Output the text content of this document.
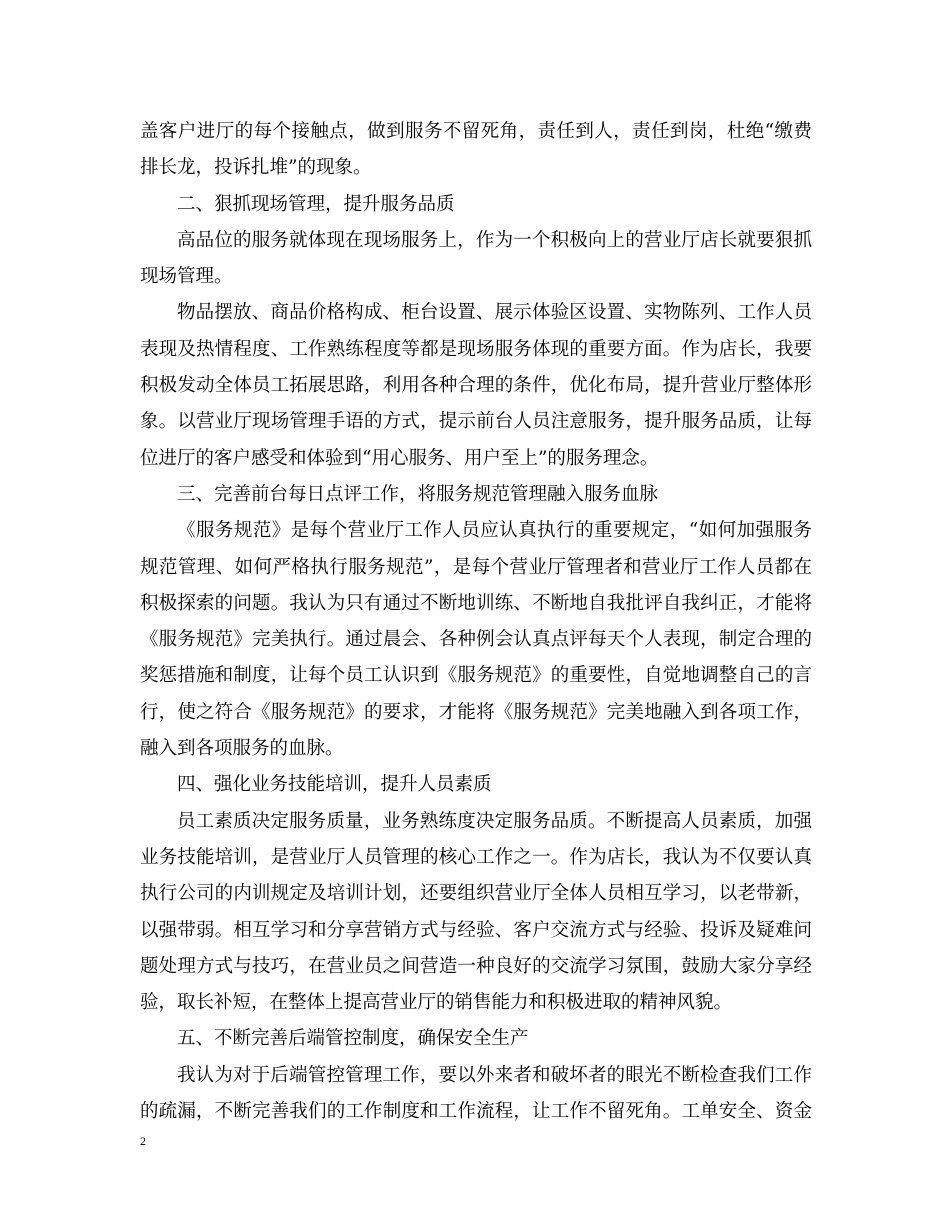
盖客户进厅的每个接触点，做到服务不留死角，责任到人，责任到岗，杜绝“缴费
排长龙，投诉扎堆”的现象。
二、狠抓现场管理，提升服务品质
高品位的服务就体现在现场服务上，作为一个积极向上的营业厅店长就要狠抓
现场管理。
物品摆放、商品价格构成、柜台设置、展示体验区设置、实物陈列、工作人员
表现及热情程度、工作熟练程度等都是现场服务体现的重要方面。作为店长，我要
积极发动全体员工拓展思路，利用各种合理的条件，优化布局，提升营业厅整体形
象。以营业厅现场管理手语的方式，提示前台人员注意服务，提升服务品质，让每
位进厅的客户感受和体验到“用心服务、用户至上”的服务理念。
三、完善前台每日点评工作，将服务规范管理融入服务血脉
《服务规范》是每个营业厅工作人员应认真执行的重要规定，“如何加强服务
规范管理、如何严格执行服务规范”，是每个营业厅管理者和营业厅工作人员都在
积极探索的问题。我认为只有通过不断地训练、不断地自我批评自我纠正，才能将
《服务规范》完美执行。通过晨会、各种例会认真点评每天个人表现，制定合理的
奖惩措施和制度，让每个员工认识到《服务规范》的重要性，自觉地调整自己的言
行，使之符合《服务规范》的要求，才能将《服务规范》完美地融入到各项工作，
融入到各项服务的血脉。
四、强化业务技能培训，提升人员素质
员工素质决定服务质量，业务熟练度决定服务品质。不断提高人员素质，加强
业务技能培训，是营业厅人员管理的核心工作之一。作为店长，我认为不仅要认真
执行公司的内训规定及培训计划，还要组织营业厅全体人员相互学习，以老带新，
以强带弱。相互学习和分享营销方式与经验、客户交流方式与经验、投诉及疑难问
题处理方式与技巧，在营业员之间营造一种良好的交流学习氛围，鼓励大家分享经
验，取长补短，在整体上提高营业厅的销售能力和积极进取的精神风貌。
五、不断完善后端管控制度，确保安全生产
我认为对于后端管控管理工作，要以外来者和破坏者的眼光不断检查我们工作
的疏漏，不断完善我们的工作制度和工作流程，让工作不留死角。工单安全、资金
2
